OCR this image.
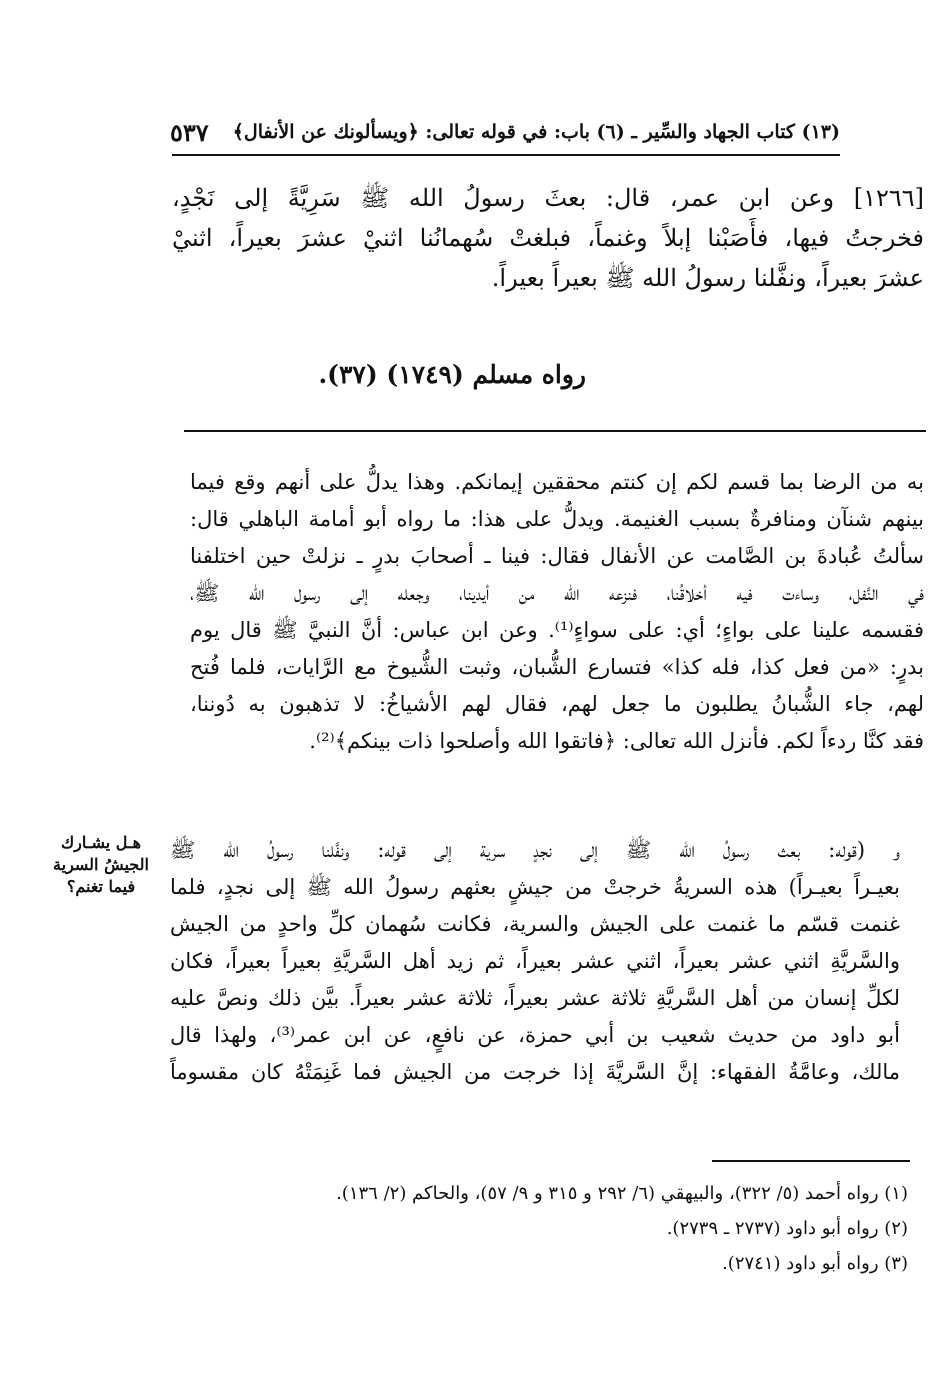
(١٣) كتاب الجهاد والسِّير ـ (٦) باب: في قوله تعالى: ﴿ويسألونك عن الأنفال﴾
٥٣٧
[١٢٦٦] وعن ابن عمر، قال: بعثَ رسولُ الله ﷺ سَرِيَّةً إلى نَجْدٍ،
فخرجتُ فيها، فأَصَبْنا إبلاً وغنماً، فبلغتْ سُهمانُنا اثنيْ عشرَ بعيراً، اثنيْ
عشرَ بعيراً، ونفَّلنا رسولُ الله ﷺ بعيراً بعيراً.
رواه مسلم (١٧٤٩) (٣٧).
به من الرضا بما قسم لكم إن كنتم محققين إيمانكم. وهذا يدلُّ على أنهم وقع فيما
بينهم شنآن ومنافرةٌ بسبب الغنيمة. ويدلُّ على هذا: ما رواه أبو أمامة الباهلي قال:
سألتُ عُبادةَ بن الصَّامت عن الأنفال فقال: فينا ـ أصحابَ بدرٍ ـ نزلتْ حين اختلفنا
في النَّفل، وساءت فيه أخلاقُنا، فنزعه الله من أيدينا، وجعله إلى رسول الله ﷺ،
فقسمه علينا على بواءٍ؛ أي: على سواءٍ⁽¹⁾. وعن ابن عباس: أنَّ النبيَّ ﷺ قال يوم
بدرٍ: «من فعل كذا، فله كذا» فتسارع الشُّبان، وثبت الشُّيوخ مع الرَّايات، فلما فُتح
لهم، جاء الشُّبانُ يطلبون ما جعل لهم، فقال لهم الأشياخُ: لا تذهبون به دُوننا،
فقد كنَّا ردءاً لكم. فأنزل الله تعالى: ﴿فاتقوا الله وأصلحوا ذات بينكم﴾⁽²⁾.
و (قوله: بعث رسولُ الله ﷺ إلى نجدٍ سرية إلى قوله: ونفَّلنا رسولُ الله ﷺ
بعيـراً بعيـراً) هذه السريةُ خرجتْ من جيشٍ بعثهم رسولُ الله ﷺ إلى نجدٍ، فلما
غنمت قسّم ما غنمت على الجيش والسرية، فكانت سُهمان كلِّ واحدٍ من الجيش
والسَّريَّةِ اثني عشر بعيراً، اثني عشر بعيراً، ثم زيد أهل السَّريَّةِ بعيراً بعيراً، فكان
لكلِّ إنسان من أهل السَّريَّةِ ثلاثة عشر بعيراً، ثلاثة عشر بعيراً. بيَّن ذلك ونصَّ عليه
أبو داود من حديث شعيب بن أبي حمزة، عن نافعٍ، عن ابن عمر⁽³⁾، ولهذا قال
مالك، وعامَّةُ الفقهاء: إنَّ السَّريَّةَ إذا خرجت من الجيش فما غَنِمَتْهُ كان مقسوماً
هـل يشـارك الجيشُ السرية فيما تغنم؟
(١) رواه أحمد (٥/ ٣٢٢)، والبيهقي (٦/ ٢٩٢ و ٣١٥ و ٩/ ٥٧)، والحاكم (٢/ ١٣٦).
(٢) رواه أبو داود (٢٧٣٧ ـ ٢٧٣٩).
(٣) رواه أبو داود (٢٧٤١).
